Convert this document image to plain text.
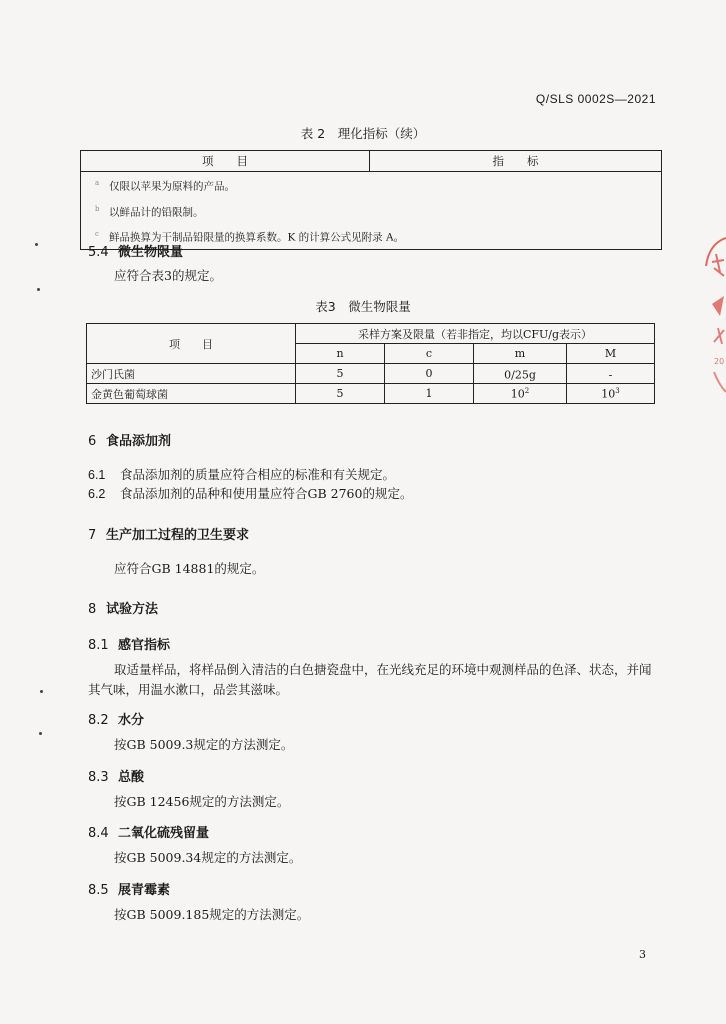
Q/SLS 0002S—2021
表 2　理化指标（续）
项　　目	指　　标

$^a$ 仅限以苹果为原料的产品。
$^b$ 以鲜品计的铅限制。
$^c$ 鲜品换算为干制品铅限量的换算系数。K 的计算公式见附录 A。
5.4 微生物限量
应符合表3的规定。
表3　微生物限量
项　　目	采样方案及限量（若非指定，均以CFU/g表示）			
	n	c	m	M
沙门氏菌	5	0	0/25g	-
金黄色葡萄球菌	5	1	$10^2$	$10^3$
6 食品添加剂
6.1 食品添加剂的质量应符合相应的标准和有关规定。
6.2 食品添加剂的品种和使用量应符合GB 2760的规定。
7 生产加工过程的卫生要求
应符合GB 14881的规定。
8 试验方法
8.1 感官指标
取适量样品，将样品倒入清洁的白色搪瓷盘中，在光线充足的环境中观测样品的色泽、状态，并闻
其气味，用温水漱口，品尝其滋味。
8.2 水分
按GB 5009.3规定的方法测定。
8.3 总酸
按GB 12456规定的方法测定。
8.4 二氧化硫残留量
按GB 5009.34规定的方法测定。
8.5 展青霉素
按GB 5009.185规定的方法测定。
3
20
